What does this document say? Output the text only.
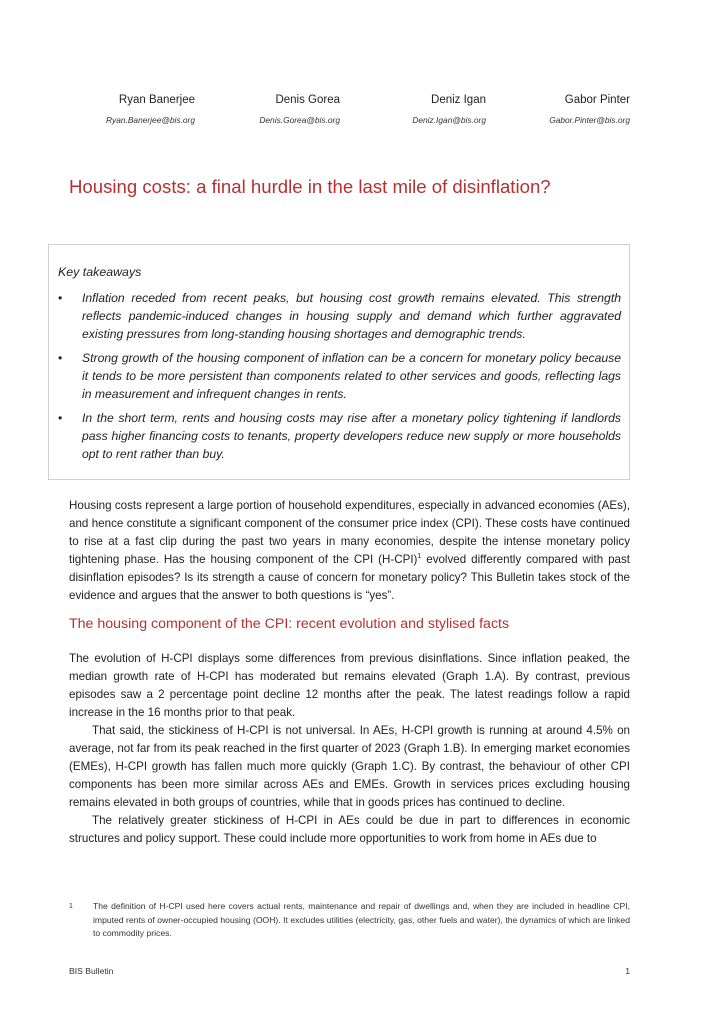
Ryan Banerjee
Ryan.Banerjee@bis.org
Denis Gorea
Denis.Gorea@bis.org
Deniz Igan
Deniz.Igan@bis.org
Gabor Pinter
Gabor.Pinter@bis.org
Housing costs: a final hurdle in the last mile of disinflation?
Key takeaways
• Inflation receded from recent peaks, but housing cost growth remains elevated. This strength reflects pandemic-induced changes in housing supply and demand which further aggravated existing pressures from long-standing housing shortages and demographic trends.
• Strong growth of the housing component of inflation can be a concern for monetary policy because it tends to be more persistent than components related to other services and goods, reflecting lags in measurement and infrequent changes in rents.
• In the short term, rents and housing costs may rise after a monetary policy tightening if landlords pass higher financing costs to tenants, property developers reduce new supply or more households opt to rent rather than buy.

Housing costs represent a large portion of household expenditures, especially in advanced economies (AEs), and hence constitute a significant component of the consumer price index (CPI). These costs have continued to rise at a fast clip during the past two years in many economies, despite the intense monetary policy tightening phase. Has the housing component of the CPI $(H-CPI)^1$ evolved differently compared with past disinflation episodes? Is its strength a cause of concern for monetary policy? This Bulletin takes stock of the evidence and argues that the answer to both questions is “yes”.

The housing component of the CPI: recent evolution and stylised facts

The evolution of H-CPI displays some differences from previous disinflations. Since inflation peaked, the median growth rate of H-CPI has moderated but remains elevated (Graph 1.A). By contrast, previous episodes saw a 2 percentage point decline 12 months after the peak. The latest readings follow a rapid increase in the 16 months prior to that peak.

That said, the stickiness of H-CPI is not universal. In AEs, H-CPI growth is running at around 4.5% on average, not far from its peak reached in the first quarter of 2023 (Graph 1.B). In emerging market economies (EMEs), H-CPI growth has fallen much more quickly (Graph 1.C). By contrast, the behaviour of other CPI components has been more similar across AEs and EMEs. Growth in services prices excluding housing remains elevated in both groups of countries, while that in goods prices has continued to decline.

The relatively greater stickiness of H-CPI in AEs could be due in part to differences in economic structures and policy support. These could include more opportunities to work from home in AEs due to

1 The definition of H-CPI used here covers actual rents, maintenance and repair of dwellings and, when they are included in headline CPI, imputed rents of owner-occupied housing (OOH). It excludes utilities (electricity, gas, other fuels and water), the dynamics of which are linked to commodity prices.
BIS Bulletin	1
